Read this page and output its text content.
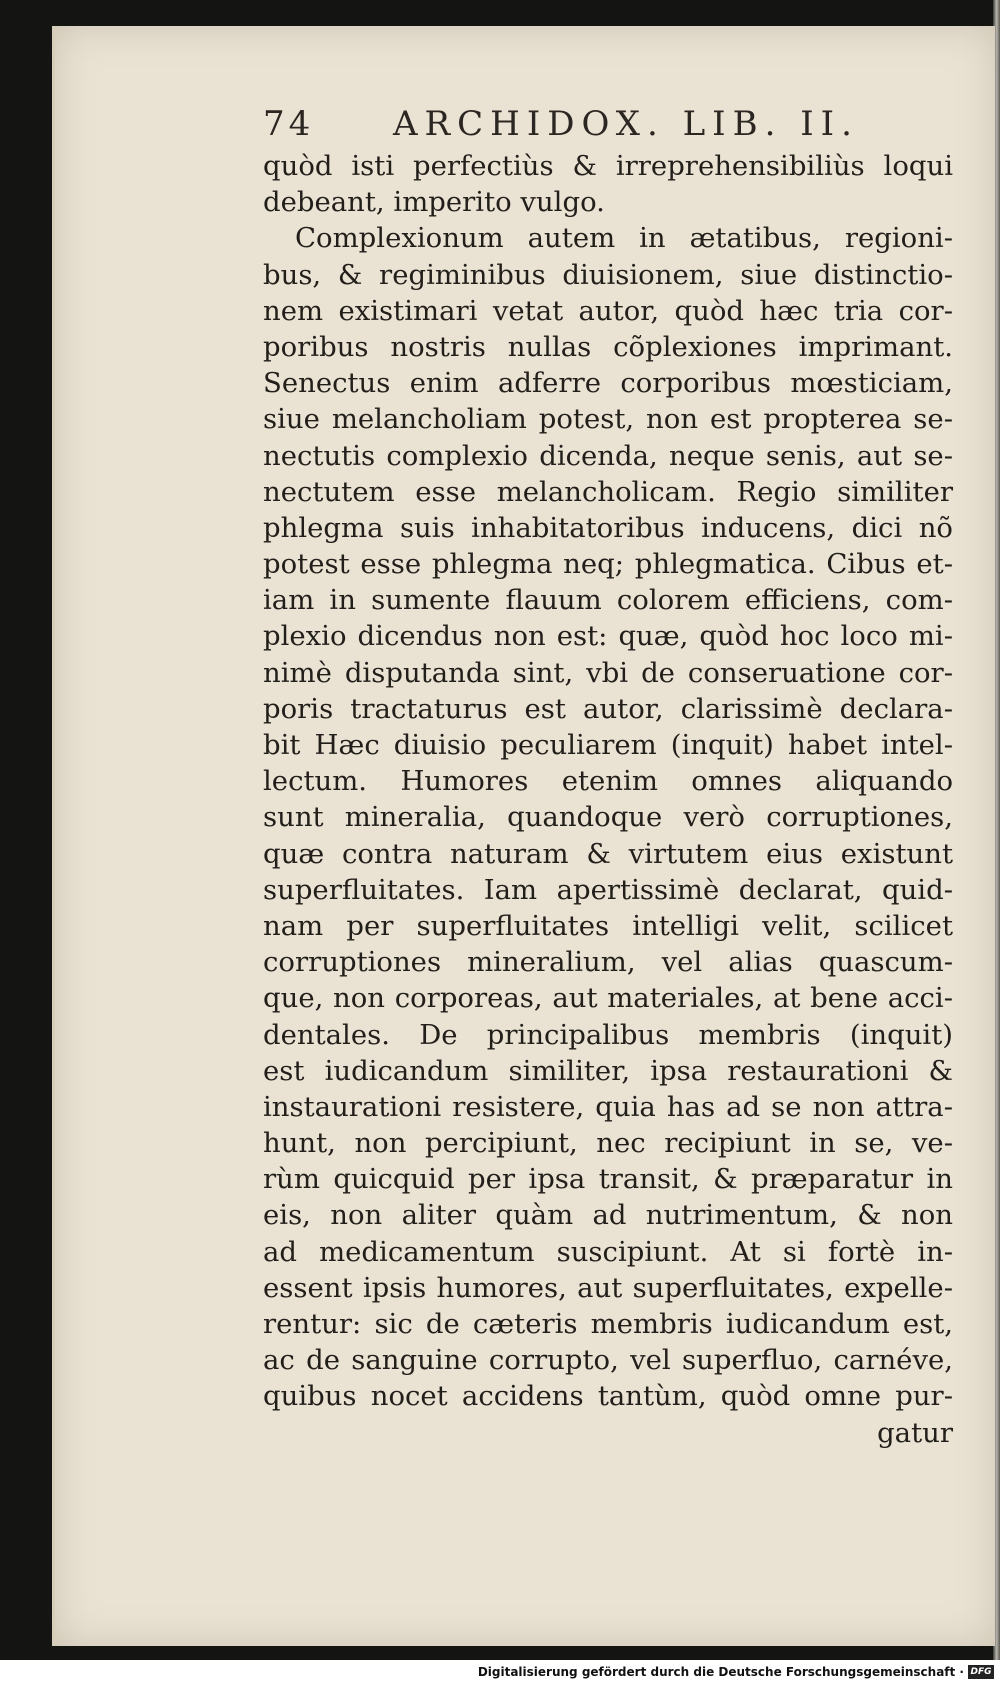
74 ARCHIDOX. LIB. II.
quòd isti perfectiùs & irreprehensibiliùs loqui
debeant, imperito vulgo.
Complexionum autem in ætatibus, regioni-
bus, & regiminibus diuisionem, siue distinctio-
nem existimari vetat autor, quòd hæc tria cor-
poribus nostris nullas cõplexiones imprimant.
Senectus enim adferre corporibus mœsticiam,
siue melancholiam potest, non est propterea se-
nectutis complexio dicenda, neque senis, aut se-
nectutem esse melancholicam. Regio similiter
phlegma suis inhabitatoribus inducens, dici nõ
potest esse phlegma neq; phlegmatica. Cibus et-
iam in sumente flauum colorem efficiens, com-
plexio dicendus non est: quæ, quòd hoc loco mi-
nimè disputanda sint, vbi de conseruatione cor-
poris tractaturus est autor, clarissimè declara-
bit Hæc diuisio peculiarem (inquit) habet intel-
lectum. Humores etenim omnes aliquando
sunt mineralia, quandoque verò corruptiones,
quæ contra naturam & virtutem eius existunt
superfluitates. Iam apertissimè declarat, quid-
nam per superfluitates intelligi velit, scilicet
corruptiones mineralium, vel alias quascum-
que, non corporeas, aut materiales, at bene acci-
dentales. De principalibus membris (inquit)
est iudicandum similiter, ipsa restaurationi &
instaurationi resistere, quia has ad se non attra-
hunt, non percipiunt, nec recipiunt in se, ve-
rùm quicquid per ipsa transit, & præparatur in
eis, non aliter quàm ad nutrimentum, & non
ad medicamentum suscipiunt. At si fortè in-
essent ipsis humores, aut superfluitates, expelle-
rentur: sic de cæteris membris iudicandum est,
ac de sanguine corrupto, vel superfluo, carnéve,
quibus nocet accidens tantùm, quòd omne pur-
gatur
Digitalisierung gefördert durch die Deutsche Forschungsgemeinschaft · DFG
